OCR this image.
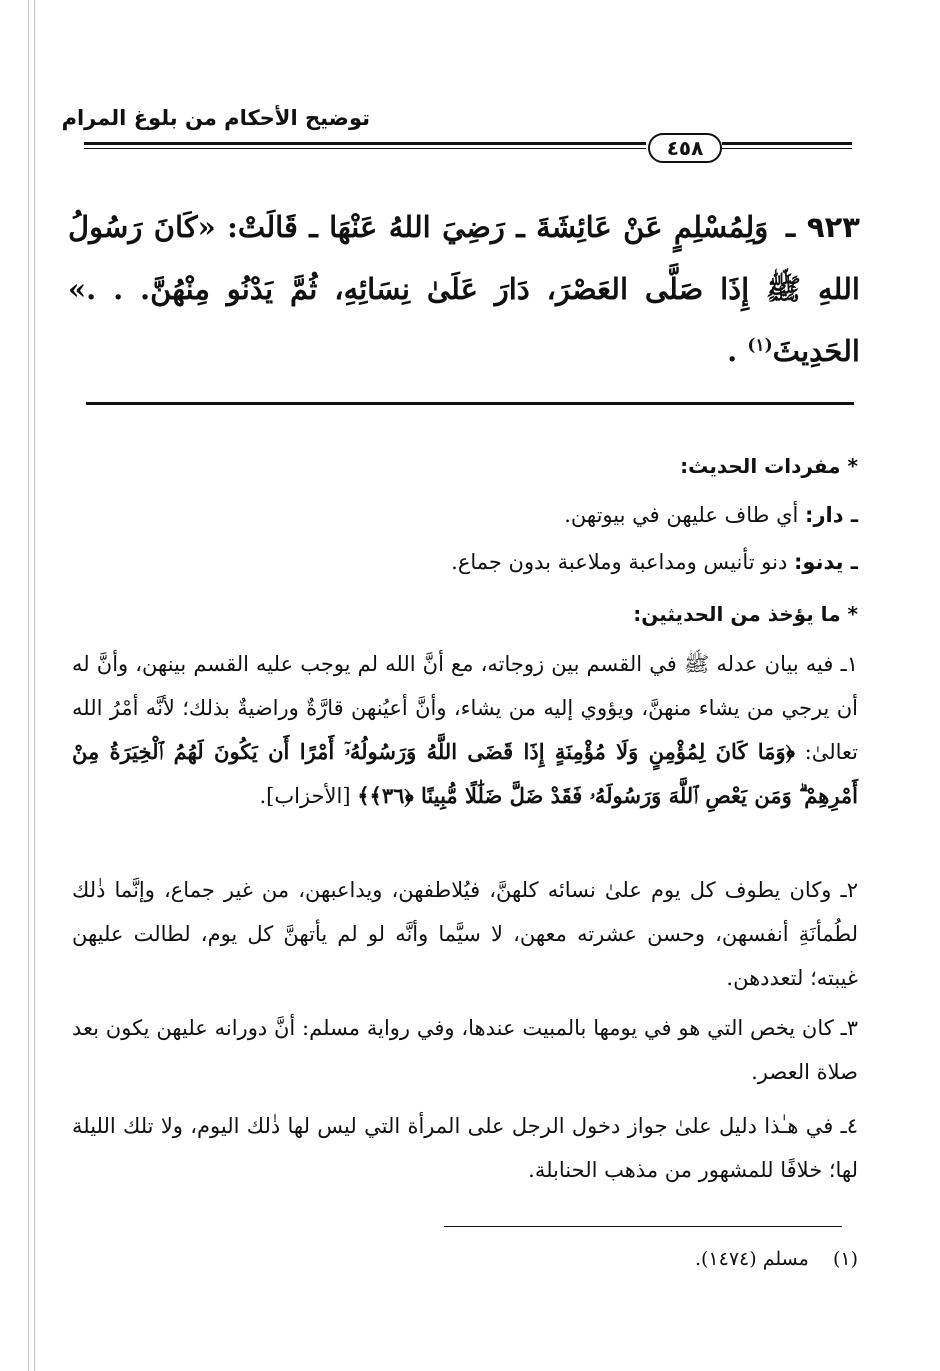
توضيح الأحكام من بلوغ المرام
٤٥٨
٩٢٣ ـ وَلِمُسْلِمٍ عَنْ عَائِشَةَ ـ رَضِيَ اللهُ عَنْهَا ـ قَالَتْ: «كَانَ رَسُولُ اللهِ ﷺ إِذَا صَلَّى العَصْرَ، دَارَ عَلَىٰ نِسَائِهِ، ثُمَّ يَدْنُو مِنْهُنَّ. . .» الحَدِيثَ$^{(١)}$ .
* مفردات الحديث:
ـ دار: أي طاف عليهن في بيوتهن.
ـ يدنو: دنو تأنيس ومداعبة وملاعبة بدون جماع.
* ما يؤخذ من الحديثين:
١ـ فيه بيان عدله ﷺ في القسم بين زوجاته، مع أنَّ الله لم يوجب عليه القسم بينهن، وأنَّ له أن يرجي من يشاء منهنَّ، ويؤوي إليه من يشاء، وأنَّ أعيُنهن قارَّةٌ وراضيةٌ بذلك؛ لأنَّه أمْرُ الله تعالىٰ: ﴿وَمَا كَانَ لِمُؤْمِنٍ وَلَا مُؤْمِنَةٍ إِذَا قَضَى اللَّهُ وَرَسُولُهُۥٓ أَمْرًا أَن يَكُونَ لَهُمُ ٱلْخِيَرَةُ مِنْ أَمْرِهِمْ ۗ وَمَن يَعْصِ ٱللَّهَ وَرَسُولَهُۥ فَقَدْ ضَلَّ ضَلَٰلًا مُّبِينًا ﴿٣٦﴾﴾ [الأحزاب].
٢ـ وكان يطوف كل يوم علىٰ نسائه كلهنَّ، فيُلاطفهن، ويداعبهن، من غير جماع، وإنَّما ذٰلك لطُمأنَةِ أنفسهن، وحسن عشرته معهن، لا سيَّما وأنَّه لو لم يأتهنَّ كل يوم، لطالت عليهن غيبته؛ لتعددهن.
٣ـ كان يخص التي هو في يومها بالمبيت عندها، وفي رواية مسلم: أنَّ دورانه عليهن يكون بعد صلاة العصر.
٤ـ في هـٰذا دليل علىٰ جواز دخول الرجل على المرأة التي ليس لها ذٰلك اليوم، ولا تلك الليلة لها؛ خلافًا للمشهور من مذهب الحنابلة.
(١)    مسلم (١٤٧٤).
